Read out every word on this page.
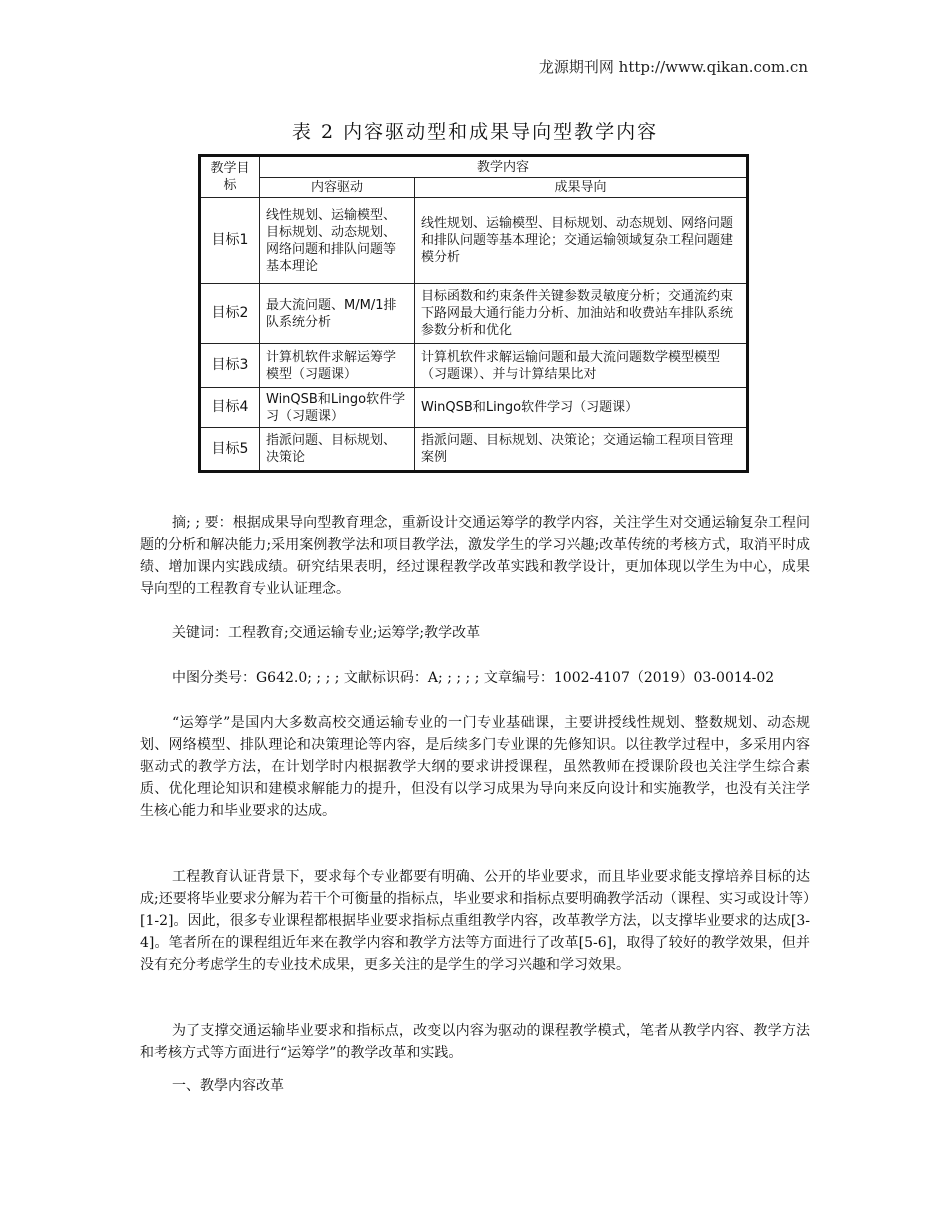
龙源期刊网 http://www.qikan.com.cn
表 2 内容驱动型和成果导向型教学内容
教学目标	教学内容	
	内容驱动	成果导向
目标1	线性规划、运输模型、目标规划、动态规划、网络问题和排队问题等基本理论	线性规划、运输模型、目标规划、动态规划、网络问题和排队问题等基本理论；交通运输领域复杂工程问题建模分析
目标2	最大流问题、M/M/1排队系统分析	目标函数和约束条件关键参数灵敏度分析；交通流约束下路网最大通行能力分析、加油站和收费站车排队系统参数分析和优化
目标3	计算机软件求解运筹学模型（习题课）	计算机软件求解运输问题和最大流问题数学模型模型（习题课）、并与计算结果比对
目标4	WinQSB和Lingo软件学习（习题课）	WinQSB和Lingo软件学习（习题课）
目标5	指派问题、目标规划、决策论	指派问题、目标规划、决策论；交通运输工程项目管理案例

摘; ; 要：根据成果导向型教育理念，重新设计交通运筹学的教学内容，关注学生对交通运输复杂工程问题的分析和解决能力;采用案例教学法和项目教学法，激发学生的学习兴趣;改革传统的考核方式，取消平时成绩、增加课内实践成绩。研究结果表明，经过课程教学改革实践和教学设计，更加体现以学生为中心，成果导向型的工程教育专业认证理念。

关键词：工程教育;交通运输专业;运筹学;教学改革

中图分类号：G642.0; ; ; ; 文献标识码：A; ; ; ; ; 文章编号：1002-4107（2019）03-0014-02

“运筹学”是国内大多数高校交通运输专业的一门专业基础课，主要讲授线性规划、整数规划、动态规划、网络模型、排队理论和决策理论等内容，是后续多门专业课的先修知识。以往教学过程中，多采用内容驱动式的教学方法，在计划学时内根据教学大纲的要求讲授课程，虽然教师在授课阶段也关注学生综合素质、优化理论知识和建模求解能力的提升，但没有以学习成果为导向来反向设计和实施教学，也没有关注学生核心能力和毕业要求的达成。

工程教育认证背景下，要求每个专业都要有明确、公开的毕业要求，而且毕业要求能支撑培养目标的达成;还要将毕业要求分解为若干个可衡量的指标点，毕业要求和指标点要明确教学活动（课程、实习或设计等）[1-2]。因此，很多专业课程都根据毕业要求指标点重组教学内容，改革教学方法，以支撑毕业要求的达成[3-4]。笔者所在的课程组近年来在教学内容和教学方法等方面进行了改革[5-6]，取得了较好的教学效果，但并没有充分考虑学生的专业技术成果，更多关注的是学生的学习兴趣和学习效果。

为了支撑交通运输毕业要求和指标点，改变以内容为驱动的课程教学模式，笔者从教学内容、教学方法和考核方式等方面进行“运筹学”的教学改革和实践。

一、教學内容改革
